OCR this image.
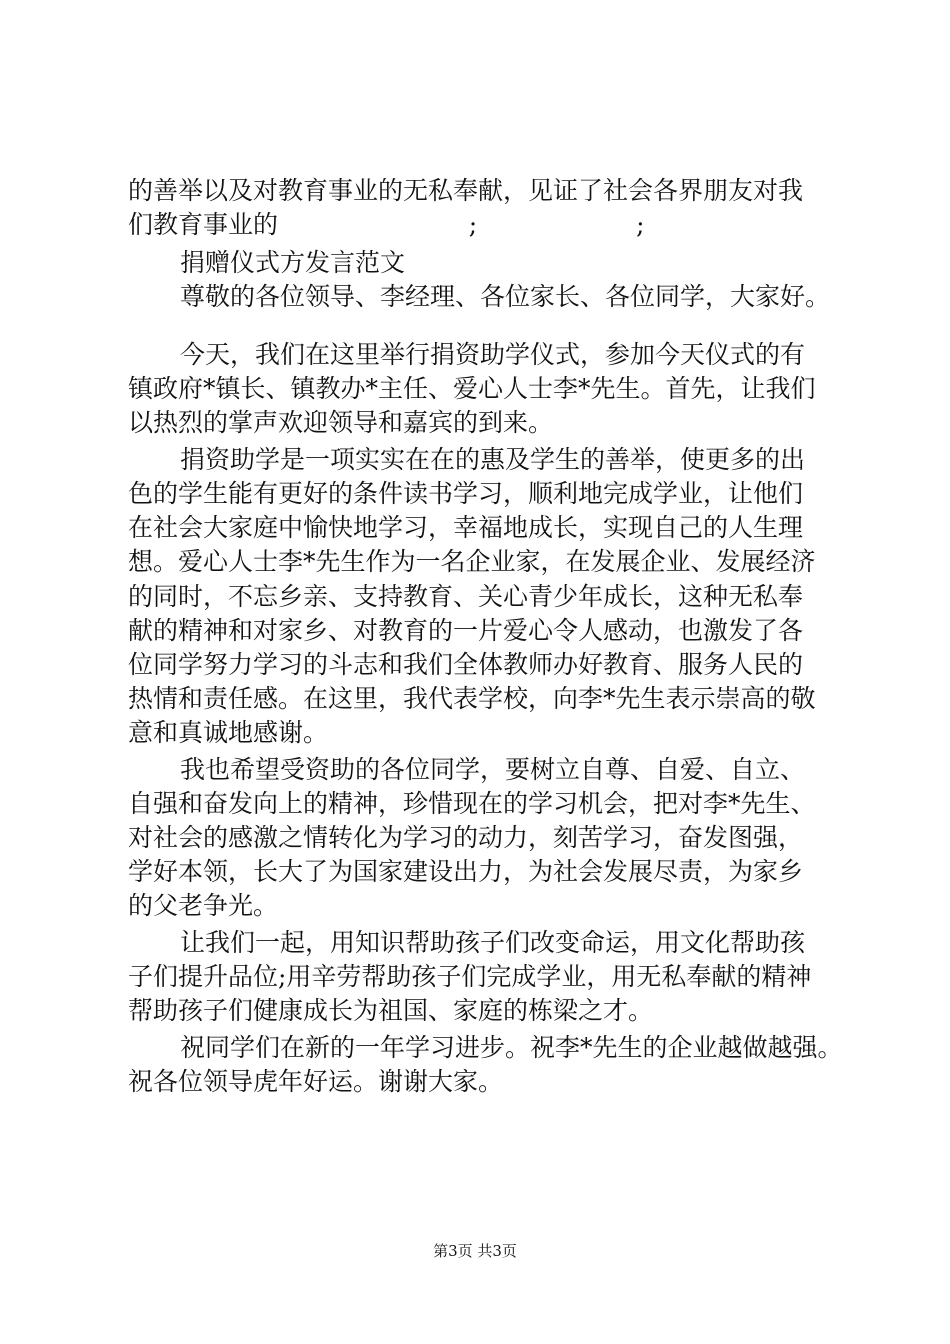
的善举以及对教育事业的无私奉献，见证了社会各界朋友对我
们教育事业的                        ;                    ;
捐赠仪式方发言范文
尊敬的各位领导、李经理、各位家长、各位同学，大家好。
今天，我们在这里举行捐资助学仪式，参加今天仪式的有
镇政府*镇长、镇教办*主任、爱心人士李*先生。首先，让我们
以热烈的掌声欢迎领导和嘉宾的到来。
捐资助学是一项实实在在的惠及学生的善举，使更多的出
色的学生能有更好的条件读书学习，顺利地完成学业，让他们
在社会大家庭中愉快地学习，幸福地成长，实现自己的人生理
想。爱心人士李*先生作为一名企业家，在发展企业、发展经济
的同时，不忘乡亲、支持教育、关心青少年成长，这种无私奉
献的精神和对家乡、对教育的一片爱心令人感动，也激发了各
位同学努力学习的斗志和我们全体教师办好教育、服务人民的
热情和责任感。在这里，我代表学校，向李*先生表示崇高的敬
意和真诚地感谢。
我也希望受资助的各位同学，要树立自尊、自爱、自立、
自强和奋发向上的精神，珍惜现在的学习机会，把对李*先生、
对社会的感激之情转化为学习的动力，刻苦学习，奋发图强，
学好本领，长大了为国家建设出力，为社会发展尽责，为家乡
的父老争光。
让我们一起，用知识帮助孩子们改变命运，用文化帮助孩
子们提升品位;用辛劳帮助孩子们完成学业，用无私奉献的精神
帮助孩子们健康成长为祖国、家庭的栋梁之才。
祝同学们在新的一年学习进步。祝李*先生的企业越做越强。
祝各位领导虎年好运。谢谢大家。
第3页 共3页
